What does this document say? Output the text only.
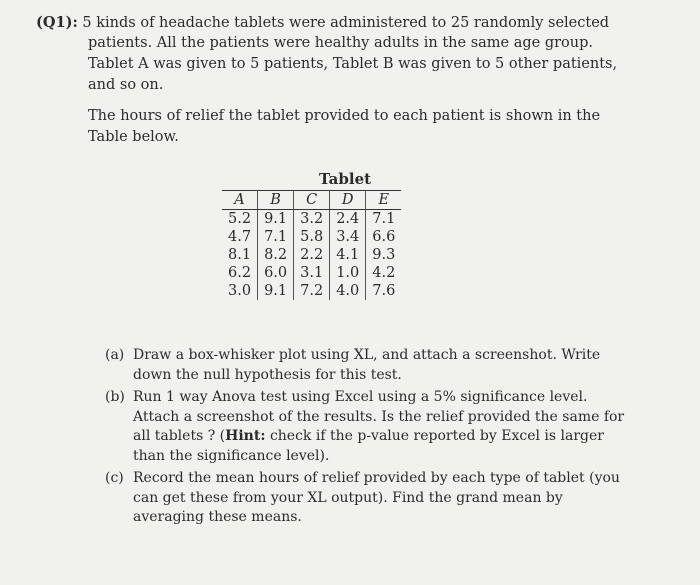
(Q1): 5 kinds of headache tablets were administered to 25 randomly selected
patients. All the patients were healthy adults in the same age group. Tablet A was given to 5 patients, Tablet B was given to 5 other patients, and so on.
The hours of relief the tablet provided to each patient is shown in the Table below.
Tablet
A	B	C	D	E
5.2	9.1	3.2	2.4	7.1
4.7	7.1	5.8	3.4	6.6
8.1	8.2	2.2	4.1	9.3
6.2	6.0	3.1	1.0	4.2
3.0	9.1	7.2	4.0	7.6
(a) Draw a box-whisker plot using XL, and attach a screenshot. Write down the null hypothesis for this test.
(b) Run 1 way Anova test using Excel using a 5% significance level. Attach a screenshot of the results. Is the relief provided the same for all tablets ? (Hint: check if the p-value reported by Excel is larger than the significance level).
(c) Record the mean hours of relief provided by each type of tablet (you can get these from your XL output). Find the grand mean by averaging these means.
